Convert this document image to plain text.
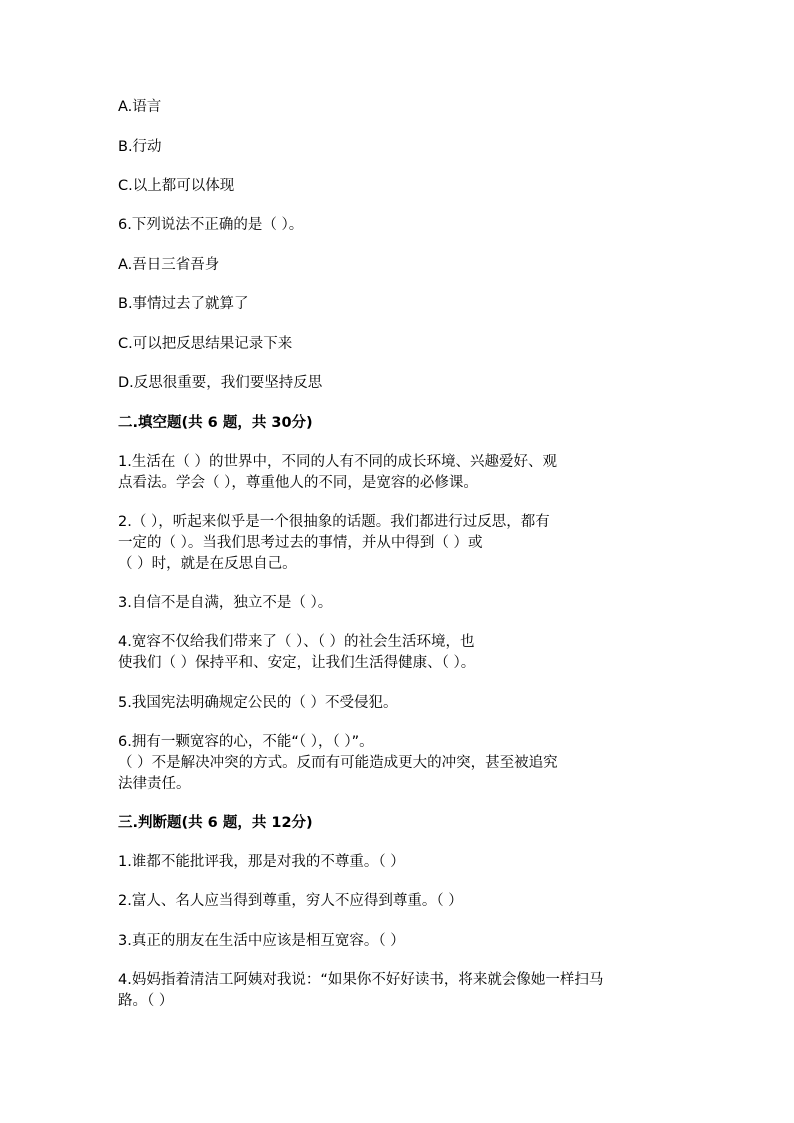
A.语言
B.行动
C.以上都可以体现
6.下列说法不正确的是（ ）。
A.吾日三省吾身
B.事情过去了就算了
C.可以把反思结果记录下来
D.反思很重要，我们要坚持反思
二.填空题(共 6 题，共 30分)
1.生活在（ ）的世界中，不同的人有不同的成长环境、兴趣爱好、观
点看法。学会（ ），尊重他人的不同，是宽容的必修课。
2.（ ），听起来似乎是一个很抽象的话题。我们都进行过反思，都有
一定的（ ）。当我们思考过去的事情，并从中得到（ ）或
（ ）时，就是在反思自己。
3.自信不是自满，独立不是（ ）。
4.宽容不仅给我们带来了（ ）、（ ）的社会生活环境，也
使我们（ ）保持平和、安定，让我们生活得健康、（ ）。
5.我国宪法明确规定公民的（ ）不受侵犯。
6.拥有一颗宽容的心，不能“（ ），（ ）”。
（ ）不是解决冲突的方式。反而有可能造成更大的冲突，甚至被追究
法律责任。
三.判断题(共 6 题，共 12分)
1.谁都不能批评我，那是对我的不尊重。（ ）
2.富人、名人应当得到尊重，穷人不应得到尊重。（ ）
3.真正的朋友在生活中应该是相互宽容。（ ）
4.妈妈指着清洁工阿姨对我说：“如果你不好好读书，将来就会像她一样扫马
路。（ ）
